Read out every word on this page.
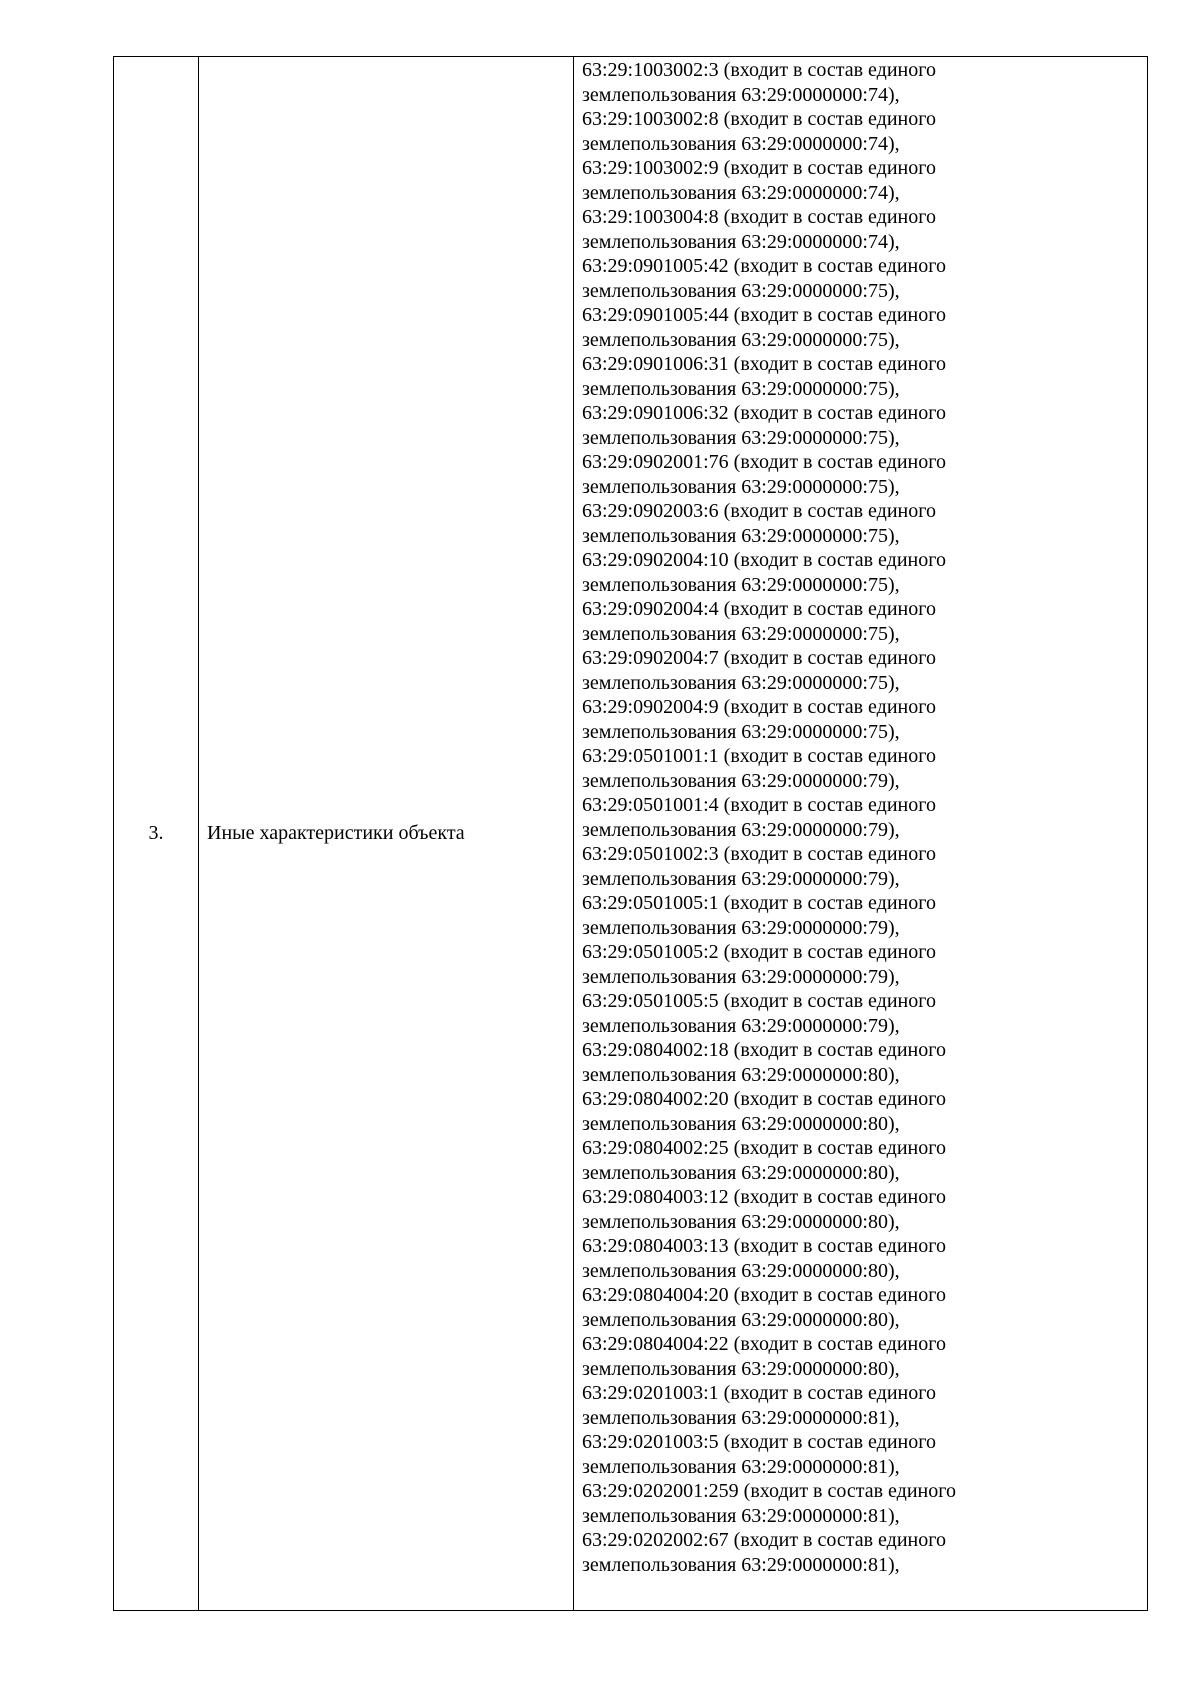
3.	Иные характеристики объекта	

63:29:1003002:3 (входит в состав единого

землепользования 63:29:0000000:74),

63:29:1003002:8 (входит в состав единого

землепользования 63:29:0000000:74),

63:29:1003002:9 (входит в состав единого

землепользования 63:29:0000000:74),

63:29:1003004:8 (входит в состав единого

землепользования 63:29:0000000:74),

63:29:0901005:42 (входит в состав единого

землепользования 63:29:0000000:75),

63:29:0901005:44 (входит в состав единого

землепользования 63:29:0000000:75),

63:29:0901006:31 (входит в состав единого

землепользования 63:29:0000000:75),

63:29:0901006:32 (входит в состав единого

землепользования 63:29:0000000:75),

63:29:0902001:76 (входит в состав единого

землепользования 63:29:0000000:75),

63:29:0902003:6 (входит в состав единого

землепользования 63:29:0000000:75),

63:29:0902004:10 (входит в состав единого

землепользования 63:29:0000000:75),

63:29:0902004:4 (входит в состав единого

землепользования 63:29:0000000:75),

63:29:0902004:7 (входит в состав единого

землепользования 63:29:0000000:75),

63:29:0902004:9 (входит в состав единого

землепользования 63:29:0000000:75),

63:29:0501001:1 (входит в состав единого

землепользования 63:29:0000000:79),

63:29:0501001:4 (входит в состав единого

землепользования 63:29:0000000:79),

63:29:0501002:3 (входит в состав единого

землепользования 63:29:0000000:79),

63:29:0501005:1 (входит в состав единого

землепользования 63:29:0000000:79),

63:29:0501005:2 (входит в состав единого

землепользования 63:29:0000000:79),

63:29:0501005:5 (входит в состав единого

землепользования 63:29:0000000:79),

63:29:0804002:18 (входит в состав единого

землепользования 63:29:0000000:80),

63:29:0804002:20 (входит в состав единого

землепользования 63:29:0000000:80),

63:29:0804002:25 (входит в состав единого

землепользования 63:29:0000000:80),

63:29:0804003:12 (входит в состав единого

землепользования 63:29:0000000:80),

63:29:0804003:13 (входит в состав единого

землепользования 63:29:0000000:80),

63:29:0804004:20 (входит в состав единого

землепользования 63:29:0000000:80),

63:29:0804004:22 (входит в состав единого

землепользования 63:29:0000000:80),

63:29:0201003:1 (входит в состав единого

землепользования 63:29:0000000:81),

63:29:0201003:5 (входит в состав единого

землепользования 63:29:0000000:81),

63:29:0202001:259 (входит в состав единого

землепользования 63:29:0000000:81),

63:29:0202002:67 (входит в состав единого

землепользования 63:29:0000000:81),
